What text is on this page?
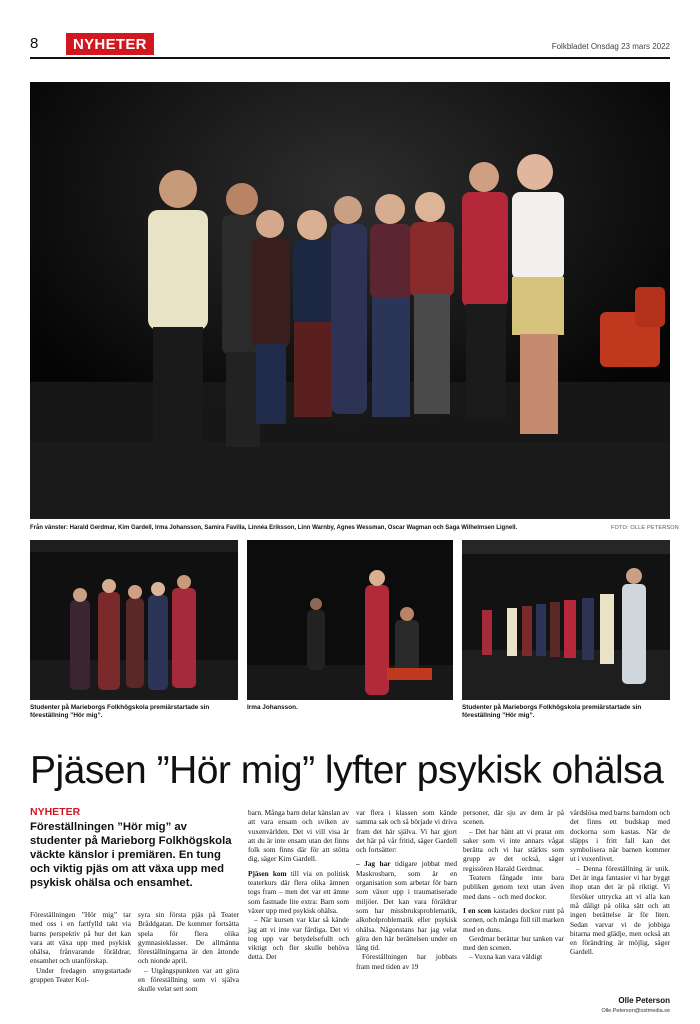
8	NYHETER	Folkbladet Onsdag 23 mars 2022
Från vänster: Harald Gerdmar, Kim Gardell, Irma Johansson, Samira Favilla, Linnéa Eriksson, Linn Warnby, Agnes Wessman, Oscar Wagman och Saga Wilhelmsen Lignell.	FOTO: OLLE PETERSON
Studenter på Marieborgs Folkhögskola premiärstartade sin föreställning ”Hör mig”.
Irma Johansson.	Studenter på Marieborgs Folkhögskola premiärstartade sin föreställning ”Hör mig”.
Pjäsen ”Hör mig” lyfter psykisk ohälsa
NYHETER
Föreställningen ”Hör mig” av studenter på Marieborg Folkhögskola väckte känslor i premiären. En tung och viktig pjäs om att växa upp med psykisk ohälsa och ensamhet.

Föreställningen ”Hör mig” tar med oss i en fartfylld takt via barns perspektiv på hur det kan vara att växa upp med psykisk ohälsa, frånvarande föräldrar, ensamhet och utanförskap.

Under fredagen smygstartade gruppen Teater Kol-

syra sin första pjäs på Teater Bråddgatan. De kommer fortsätta spela för flera olika gymnasieklasser. De allmänna föreställningarna är den åttonde och nionde april.

– Utgångspunkten var att göra en föreställning som vi själva skulle velat sett som

barn. Många barn delar känslan av att vara ensam och sviken av vuxenvärlden. Det vi vill visa är att du är inte ensam utan det finns folk som finns där för att stötta dig, säger Kim Gardell.

Pjäsen kom till via en politisk teaterkurs där flera olika ämnen togs fram – men det var ett ämne som fastnade lite extra: Barn som växer upp med psykisk ohälsa.

– När kursen var klar så kände jag att vi inte var färdiga. Det vi tog upp var betydelsefullt och viktigt och fler skulle behöva detta. Det

var flera i klassen som kände samma sak och så började vi driva fram det här själva. Vi har gjort det här på vår fritid, säger Gardell och fortsätter:

– Jag har tidigare jobbat med Maskrosbarn, som är en organisation som arbetar för barn som växer upp i traumatiserade miljöer. Det kan vara föräldrar som har missbruksproblematik, alkoholproblematik eller psykisk ohälsa. Någonstans har jag velat göra den här berättelsen under en lång tid.

Föreställningen har jobbats fram med tiden av 19

personer, där sju av dem är på scenen.

– Det har hänt att vi pratat om saker som vi inte annars vågat berätta och vi har stärkts som grupp av det också, säger regissören Harald Gerdmar.

Teatern fångade inte bara publiken genom text utan även med dans – och med dockor.

I en scen kastades dockor runt på scenen, och många föll till marken med en duns.

Gerdmar berättar hur tanken var med den scenen.

– Vuxna kan vara väldigt

vårdslösa med barns barndom och det finns ett budskap med dockorna som kastas. När de släpps i fritt fall kan det symbolisera när barnen kommer ut i vuxenlivet.

– Denna föreställning är unik. Det är inga fantasier vi har byggt ihop utan det är på riktigt. Vi försöker uttrycka att vi alla kan må dåligt på olika sätt och att ingen berättelse är för liten. Sedan varvar vi de jobbiga bitarna med glädje, men också att en förändring är möjlig, säger Gardell.

Olle Peterson
Olle.Peterson@ostmedia.se
